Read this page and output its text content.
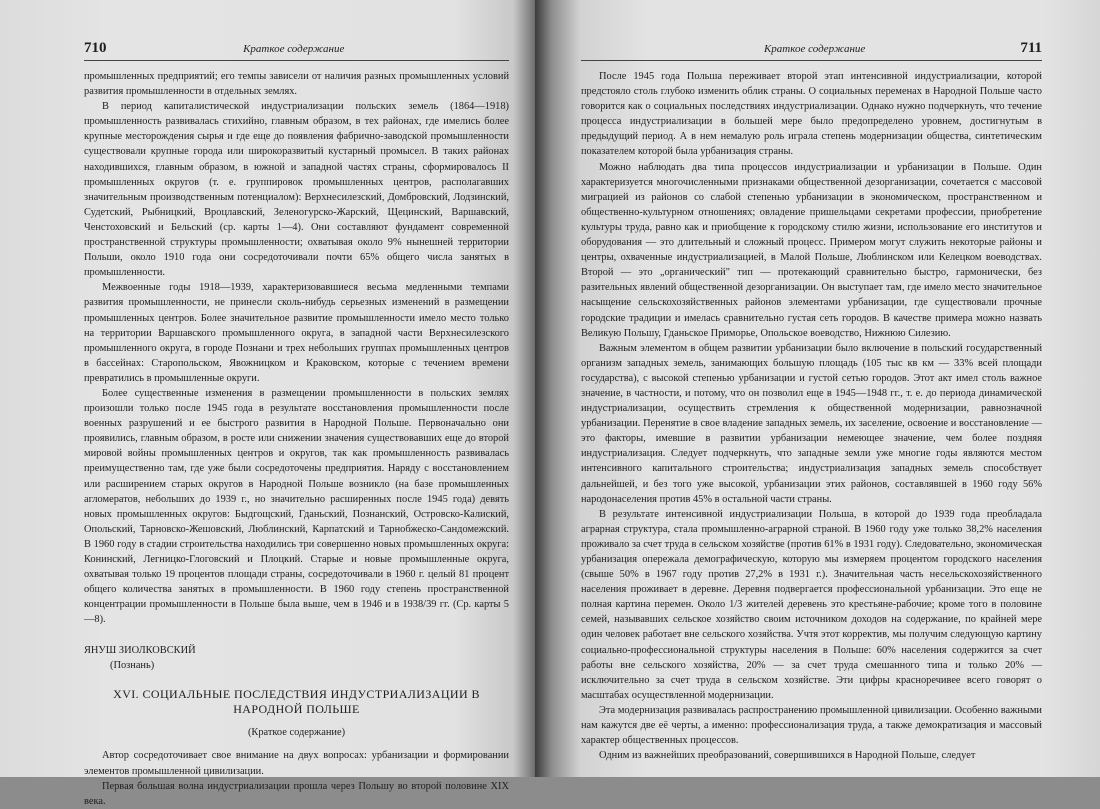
710	Краткое содержание

промышленных предприятий; его темпы зависели от наличия разных промышленных условий развития промышленности в отдельных землях.

В период капиталистической индустриализации польских земель (1864—1918) промышленность развивалась стихийно, главным образом, в тех районах, где имелись более крупные месторождения сырья и где еще до появления фабрично-заводской промышленности существовали крупные города или широкоразвитый кустарный промысел. В таких районах находившихся, главным образом, в южной и западной частях страны, сформировалось II промышленных округов (т. е. группировок промышленных центров, располагавших значительным производственным потенциалом): Верхнесилезский, Домбровский, Лодзинский, Судетский, Рыбницкий, Вроцлавский, Зеленогурско-Жарский, Щецинский, Варшавский, Ченстоховский и Бельский (ср. карты 1—4). Они составляют фундамент современной пространственной структуры промышленности; охватывая около 9% нынешней территории Польши, около 1910 года они сосредоточивали почти 65% общего числа занятых в промышленности.

Межвоенные годы 1918—1939, характеризовавшиеся весьма медленными темпами развития промышленности, не принесли сколь-нибудь серьезных изменений в размещении промышленных центров. Более значительное развитие промышленности имело место только на территории Варшавского промышленного округа, в западной части Верхнесилезского промышленного округа, в городе Познани и трех небольших группах промышленных центров в бассейнах: Старопольском, Явожницком и Краковском, которые с течением времени превратились в промышленные округи.

Более существенные изменения в размещении промышленности в польских землях произошли только после 1945 года в результате восстановления промышленности после военных разрушений и ее быстрого развития в Народной Польше. Первоначально они проявились, главным образом, в росте или снижении значения существовавших еще до второй мировой войны промышленных центров и округов, так как промышленность развивалась преимущественно там, где уже были сосредоточены предприятия. Наряду с восстановлением или расширением старых округов в Народной Польше возникло (на базе промышленных агломератов, небольших до 1939 г., но значительно расширенных после 1945 года) девять новых промышленных округов: Быдгощский, Гданьский, Познанский, Островско-Калиский, Опольский, Тарновско-Жешовский, Люблинский, Карпатский и Тарнобжеско-Сандомежский. В 1960 году в стадии строительства находились три совершенно новых промышленных округа: Конинский, Легницко-Глоговский и Плоцкий. Старые и новые промышленные округа, охватывая только 19 процентов площади страны, сосредоточивали в 1960 г. целый 81 процент общего количества занятых в промышленности. В 1960 году степень пространственной концентрации промышленности в Польше была выше, чем в 1946 и в 1938/39 гг. (Ср. карты 5—8).

ЯНУШ ЗИОЛКОВСКИЙ
(Познань)
XVI. СОЦИАЛЬНЫЕ ПОСЛЕДСТВИЯ ИНДУСТРИАЛИЗАЦИИ В НАРОДНОЙ ПОЛЬШЕ
(Краткое содержание)

Автор сосредоточивает свое внимание на двух вопросах: урбанизации и формировании элементов промышленной цивилизации.

Первая большая волна индустриализации прошла через Польшу во второй половине XIX века.

Краткое содержание	711

После 1945 года Польша переживает второй этап интенсивной индустриализации, которой предстояло столь глубоко изменить облик страны. О социальных переменах в Народной Польше часто говорится как о социальных последствиях индустриализации. Однако нужно подчеркнуть, что течение процесса индустриализации в большей мере было предопределено уровнем, достигнутым в предыдущий период. А в нем немалую роль играла степень модернизации общества, синтетическим показателем которой была урбанизация страны.

Можно наблюдать два типа процессов индустриализации и урбанизации в Польше. Один характеризуется многочисленными признаками общественной дезорганизации, сочетается с массовой миграцией из районов со слабой степенью урбанизации в экономическом, пространственном и общественно-культурном отношениях; овладение пришельцами секретами профессии, приобретение культуры труда, равно как и приобщение к городскому стилю жизни, использование его институтов и оборудования — это длительный и сложный процесс. Примером могут служить некоторые районы и центры, охваченные индустриализацией, в Малой Польше, Люблинском или Келецком воеводствах. Второй — это „органический" тип — протекающий сравнительно быстро, гармонически, без разительных явлений общественной дезорганизации. Он выступает там, где имело место значительное насыщение сельскохозяйственных районов элементами урбанизации, где существовали прочные городские традиции и имелась сравнительно густая сеть городов. В качестве примера можно назвать Великую Польшу, Гданьское Приморье, Опольское воеводство, Нижнюю Силезию.

Важным элементом в общем развитии урбанизации было включение в польский государственный организм западных земель, занимающих большую площадь (105 тыс кв км — 33% всей площади государства), с высокой степенью урбанизации и густой сетью городов. Этот акт имел столь важное значение, в частности, и потому, что он позволил еще в 1945—1948 гг., т. е. до периода динамической индустриализации, осуществить стремления к общественной модернизации, равнозначной урбанизации. Перенятие в свое владение западных земель, их заселение, освоение и восстановление — это факторы, имевшие в развитии урбанизации немеющее значение, чем более поздняя индустриализация. Следует подчеркнуть, что западные земли уже многие годы являются местом интенсивного капитального строительства; индустриализация западных земель способствует дальнейшей, и без того уже высокой, урбанизации этих районов, составлявшей в 1960 году 56% народонаселения против 45% в остальной части страны.

В результате интенсивной индустриализации Польша, в которой до 1939 года преобладала аграрная структура, стала промышленно-аграрной страной. В 1960 году уже только 38,2% населения проживало за счет труда в сельском хозяйстве (против 61% в 1931 году). Следовательно, экономическая урбанизация опережала демографическую, которую мы измеряем процентом городского населения (свыше 50% в 1967 году против 27,2% в 1931 г.). Значительная часть несельскохозяйственного населения проживает в деревне. Деревня подвергается профессиональной урбанизации. Это еще не полная картина перемен. Около 1/3 жителей деревень это крестьяне-рабочие; кроме того в половине семей, называвших сельское хозяйство своим источником доходов на содержание, по крайней мере один человек работает вне сельского хозяйства. Учтя этот корректив, мы получим следующую картину социально-профессиональной структуры населения в Польше: 60% населения содержится за счет работы вне сельского хозяйства, 20% — за счет труда смешанного типа и только 20% — исключительно за счет труда в сельском хозяйстве. Эти цифры красноречивее всего говорят о масштабах осуществленной модернизации.

Эта модернизация развивалась распространению промышленной цивилизации. Особенно важными нам кажутся две её черты, а именно: профессионализация труда, а также демократизация и массовый характер общественных процессов.

Одним из важнейших преобразований, совершившихся в Народной Польше, следует
